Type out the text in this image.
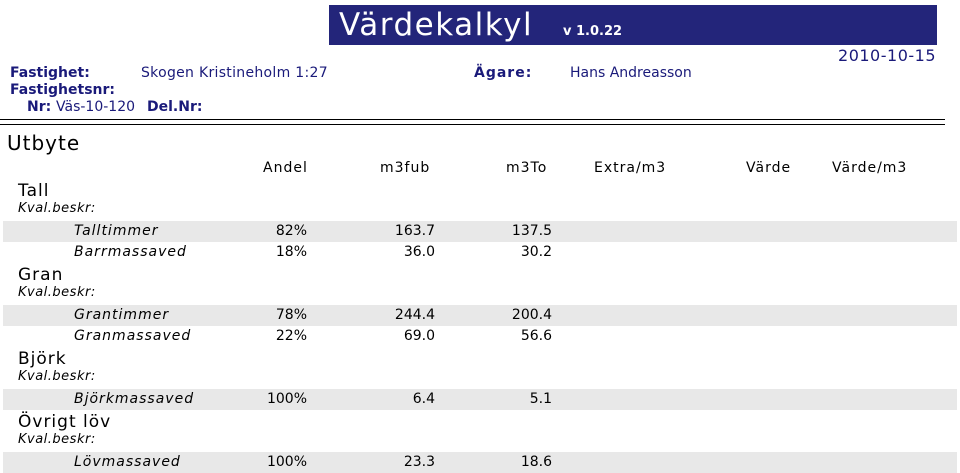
Värdekalkyl v 1.0.22
2010-10-15
Fastighet:	Skogen Kristineholm 1:27	Ägare:	Hans Andreasson
Fastighetsnr:
Nr: Väs-10-120 Del.Nr:
Utbyte
Andel	m3fub	m3To	Extra/m3	Värde	Värde/m3
Tall
Kval.beskr:
Talltimmer	82%	163.7	137.5
Barrmassaved	18%	36.0	30.2
Gran
Kval.beskr:
Grantimmer	78%	244.4	200.4
Granmassaved	22%	69.0	56.6
Björk
Kval.beskr:
Björkmassaved	100%	6.4	5.1
Övrigt löv
Kval.beskr:
Lövmassaved	100%	23.3	18.6
